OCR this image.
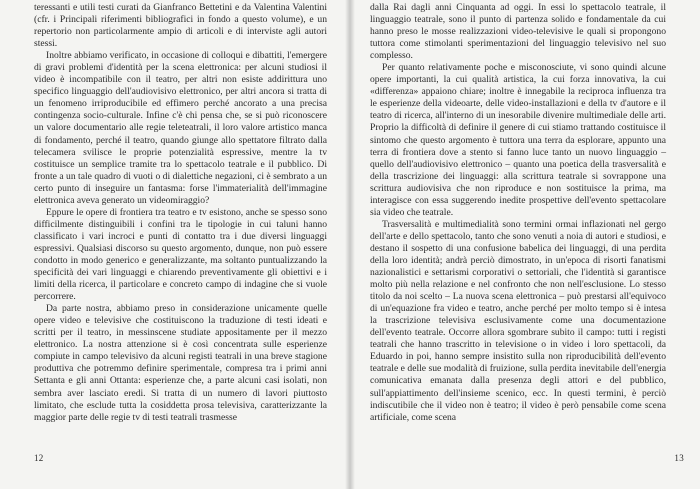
teressanti e utili testi curati da Gianfranco Bettetini e da Valentina Valentini (cfr. i Principali riferimenti bibliografici in fondo a questo volume), e un repertorio non particolarmente ampio di articoli e di interviste agli autori stessi.

Inoltre abbiamo verificato, in occasione di colloqui e dibattiti, l'emergere di gravi problemi d'identità per la scena elettronica: per alcuni studiosi il video è incompatibile con il teatro, per altri non esiste addirittura uno specifico linguaggio dell'audiovisivo elettronico, per altri ancora si tratta di un fenomeno irriproducibile ed effimero perché ancorato a una precisa contingenza socio-culturale. Infine c'è chi pensa che, se si può riconoscere un valore documentario alle regie teleteatrali, il loro valore artistico manca di fondamento, perché il teatro, quando giunge allo spettatore filtrato dalla telecamera svilisce le proprie potenzialità espressive, mentre la tv costituisce un semplice tramite tra lo spettacolo teatrale e il pubblico. Di fronte a un tale quadro di vuoti o di dialettiche negazioni, ci è sembrato a un certo punto di inseguire un fantasma: forse l'immaterialità dell'immagine elettronica aveva generato un videomiraggio?

Eppure le opere di frontiera tra teatro e tv esistono, anche se spesso sono difficilmente distinguibili i confini tra le tipologie in cui taluni hanno classificato i vari incroci e punti di contatto tra i due diversi linguaggi espressivi. Qualsiasi discorso su questo argomento, dunque, non può essere condotto in modo generico e generalizzante, ma soltanto puntualizzando la specificità dei vari linguaggi e chiarendo preventivamente gli obiettivi e i limiti della ricerca, il particolare e concreto campo di indagine che si vuole percorrere.

Da parte nostra, abbiamo preso in considerazione unicamente quelle opere video e televisive che costituiscono la traduzione di testi ideati e scritti per il teatro, in messinscene studiate appositamente per il mezzo elettronico. La nostra attenzione si è così concentrata sulle esperienze compiute in campo televisivo da alcuni registi teatrali in una breve stagione produttiva che potremmo definire sperimentale, compresa tra i primi anni Settanta e gli anni Ottanta: esperienze che, a parte alcuni casi isolati, non sembra aver lasciato eredi. Si tratta di un numero di lavori piuttosto limitato, che esclude tutta la cosiddetta prosa televisiva, caratterizzante la maggior parte delle regie tv di testi teatrali trasmesse

12

dalla Rai dagli anni Cinquanta ad oggi. In essi lo spettacolo teatrale, il linguaggio teatrale, sono il punto di partenza solido e fondamentale da cui hanno preso le mosse realizzazioni video-televisive le quali si propongono tuttora come stimolanti sperimentazioni del linguaggio televisivo nel suo complesso.

Per quanto relativamente poche e misconosciute, vi sono quindi alcune opere importanti, la cui qualità artistica, la cui forza innovativa, la cui «differenza» appaiono chiare; inoltre è innegabile la reciproca influenza tra le esperienze della videoarte, delle video-installazioni e della tv d'autore e il teatro di ricerca, all'interno di un inesorabile divenire multimediale delle arti. Proprio la difficoltà di definire il genere di cui stiamo trattando costituisce il sintomo che questo argomento è tuttora una terra da esplorare, appunto una terra di frontiera dove a stento si fanno luce tanto un nuovo linguaggio – quello dell'audiovisivo elettronico – quanto una poetica della trasversalità e della trascrizione dei linguaggi: alla scrittura teatrale si sovrappone una scrittura audiovisiva che non riproduce e non sostituisce la prima, ma interagisce con essa suggerendo inedite prospettive dell'evento spettacolare sia video che teatrale.

Trasversalità e multimedialità sono termini ormai inflazionati nel gergo dell'arte e dello spettacolo, tanto che sono venuti a noia di autori e studiosi, e destano il sospetto di una confusione babelica dei linguaggi, di una perdita della loro identità; andrà perciò dimostrato, in un'epoca di risorti fanatismi nazionalistici e settarismi corporativi o settoriali, che l'identità si garantisce molto più nella relazione e nel confronto che non nell'esclusione. Lo stesso titolo da noi scelto – La nuova scena elettronica – può prestarsi all'equivoco di un'equazione fra video e teatro, anche perché per molto tempo si è intesa la trascrizione televisiva esclusivamente come una documentazione dell'evento teatrale. Occorre allora sgombrare subito il campo: tutti i registi teatrali che hanno trascritto in televisione o in video i loro spettacoli, da Eduardo in poi, hanno sempre insistito sulla non riproducibilità dell'evento teatrale e delle sue modalità di fruizione, sulla perdita inevitabile dell'energia comunicativa emanata dalla presenza degli attori e del pubblico, sull'appiattimento dell'insieme scenico, ecc. In questi termini, è perciò indiscutibile che il video non è teatro; il video è però pensabile come scena artificiale, come scena

13
